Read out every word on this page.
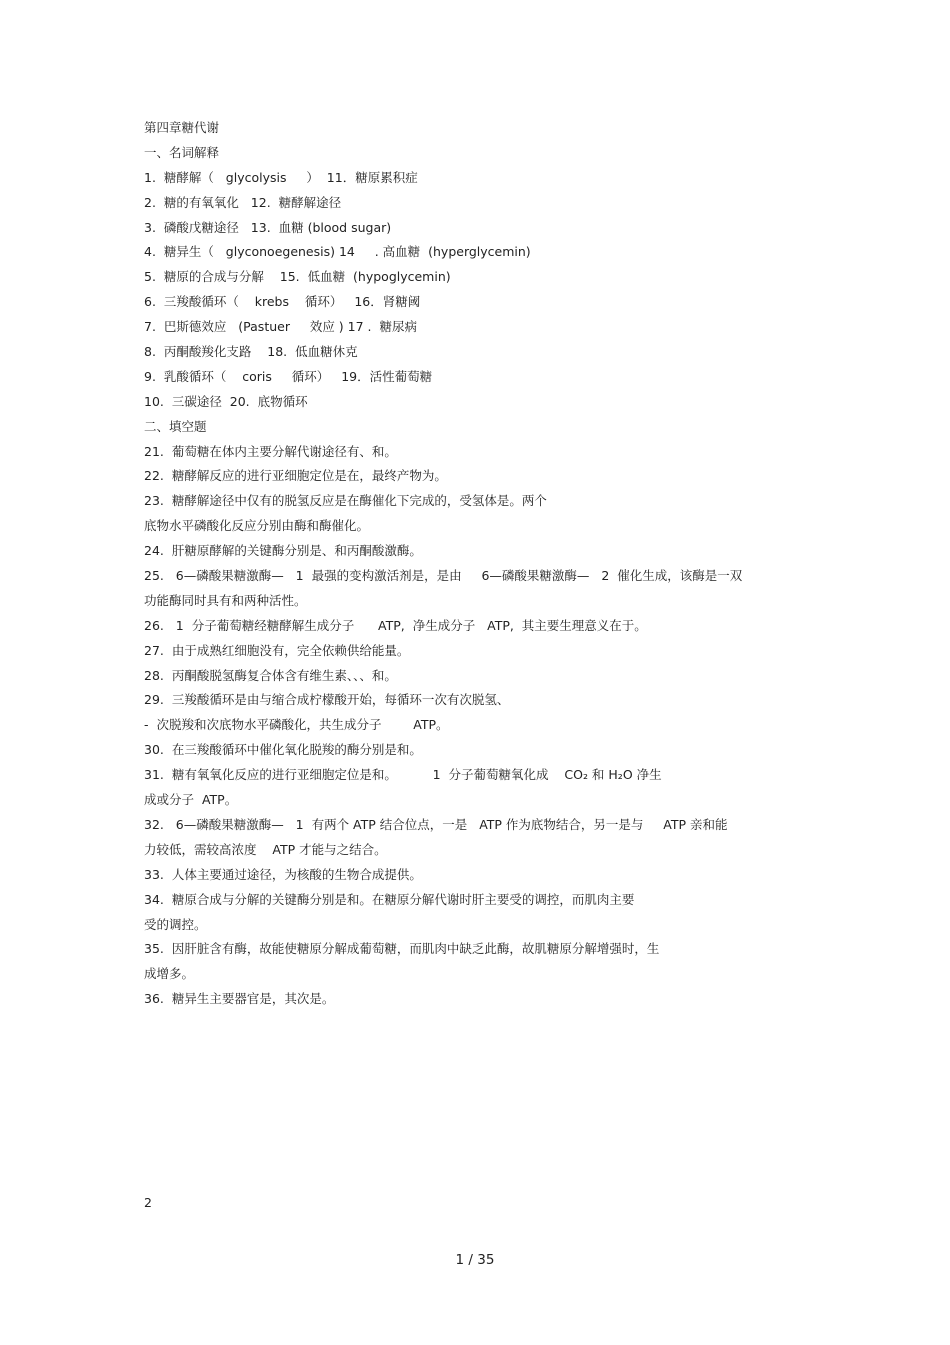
第四章糖代谢
一、名词解释
1.  糖酵解（   glycolysis     ）  11．糖原累积症
2.  糖的有氧氧化   12.  糖酵解途径
3.  磷酸戊糖途径   13.  血糖 (blood sugar)
4.  糖异生（   glyconoegenesis) 14     . 高血糖  (hyperglycemin)
5.  糖原的合成与分解    15.  低血糖  (hypoglycemin)
6.  三羧酸循环（    krebs    循环）   16．肾糖阈
7.  巴斯德效应   (Pastuer     效应 ) 17 .  糖尿病
8.  丙酮酸羧化支路    18.  低血糖休克
9.  乳酸循环（    coris     循环）   19．活性葡萄糖
10.  三碳途径  20.  底物循环
二、填空题
21.  葡萄糖在体内主要分解代谢途径有、和。
22.  糖酵解反应的进行亚细胞定位是在，最终产物为。
23.  糖酵解途径中仅有的脱氢反应是在酶催化下完成的，受氢体是。两个
底物水平磷酸化反应分别由酶和酶催化。
24.  肝糖原酵解的关键酶分别是、和丙酮酸激酶。
25.   6—磷酸果糖激酶—   1  最强的变构激活剂是，是由     6—磷酸果糖激酶—   2  催化生成，该酶是一双
功能酶同时具有和两种活性。
26.   1  分子葡萄糖经糖酵解生成分子      ATP,  净生成分子   ATP,  其主要生理意义在于。
27.  由于成熟红细胞没有，完全依赖供给能量。
28.  丙酮酸脱氢酶复合体含有维生素、、、和。
29.  三羧酸循环是由与缩合成柠檬酸开始，每循环一次有次脱氢、
-  次脱羧和次底物水平磷酸化，共生成分子        ATP。
30.  在三羧酸循环中催化氧化脱羧的酶分别是和。
31.  糖有氧氧化反应的进行亚细胞定位是和。         1  分子葡萄糖氧化成    CO₂ 和 H₂O 净生
成或分子  ATP。
32.   6—磷酸果糖激酶—   1  有两个 ATP 结合位点，一是   ATP 作为底物结合，另一是与     ATP 亲和能
力较低，需较高浓度    ATP 才能与之结合。
33.  人体主要通过途径，为核酸的生物合成提供。
34.  糖原合成与分解的关键酶分别是和。在糖原分解代谢时肝主要受的调控，而肌肉主要
受的调控。
35.  因肝脏含有酶，故能使糖原分解成葡萄糖，而肌肉中缺乏此酶，故肌糖原分解增强时，生
成增多。
36.  糖异生主要器官是，其次是。
2
1 / 35
